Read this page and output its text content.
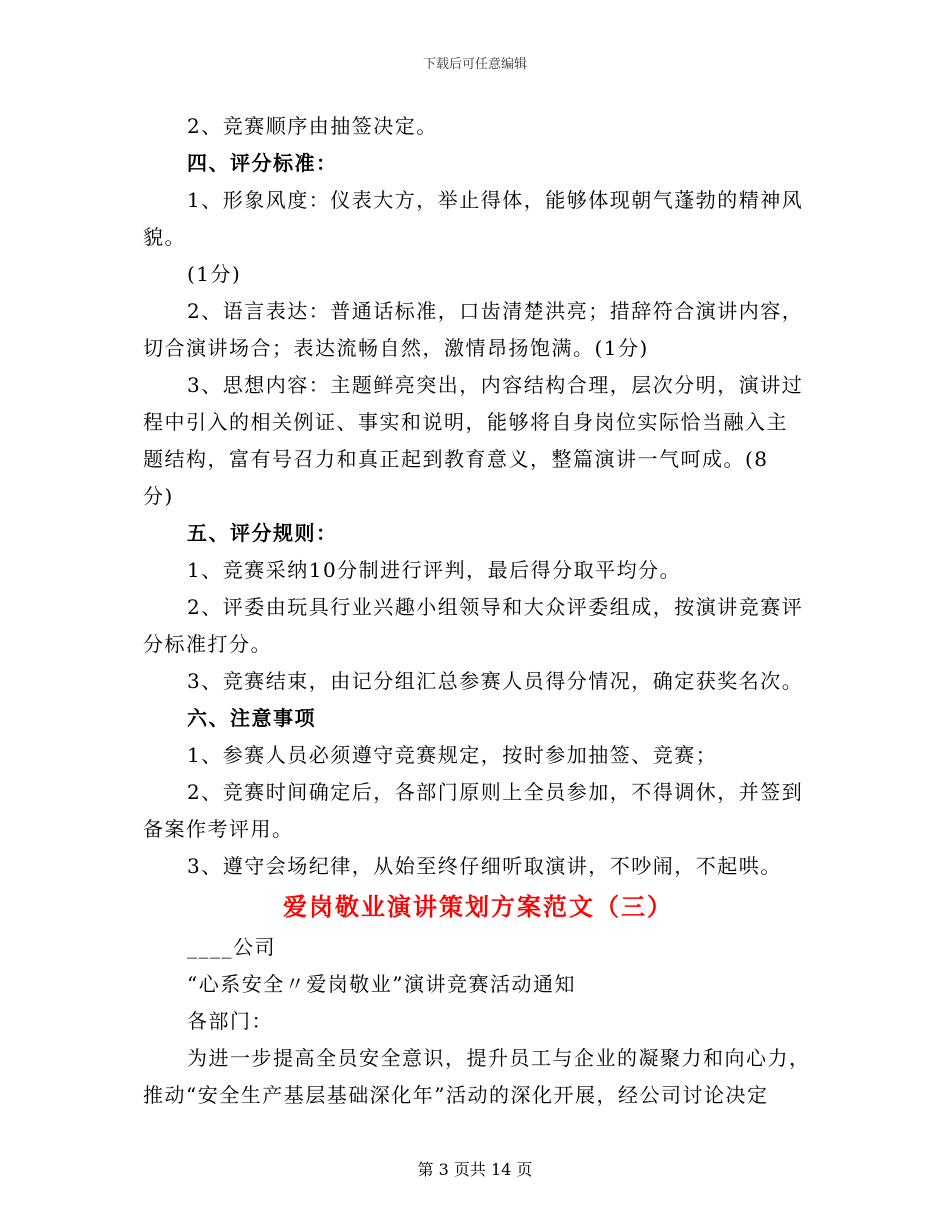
下载后可任意编辑

2、竞赛顺序由抽签决定。

四、评分标准：

1、形象风度：仪表大方，举止得体，能够体现朝气蓬勃的精神风

貌。

(1分)

2、语言表达：普通话标准，口齿清楚洪亮；措辞符合演讲内容，

切合演讲场合；表达流畅自然，激情昂扬饱满。(1分)

3、思想内容：主题鲜亮突出，内容结构合理，层次分明，演讲过

程中引入的相关例证、事实和说明，能够将自身岗位实际恰当融入主

题结构，富有号召力和真正起到教育意义，整篇演讲一气呵成。(8

分)

五、评分规则：

1、竞赛采纳10分制进行评判，最后得分取平均分。

2、评委由玩具行业兴趣小组领导和大众评委组成，按演讲竞赛评

分标准打分。

3、竞赛结束，由记分组汇总参赛人员得分情况，确定获奖名次。

六、注意事项

1、参赛人员必须遵守竞赛规定，按时参加抽签、竞赛；

2、竞赛时间确定后，各部门原则上全员参加，不得调休，并签到

备案作考评用。

3、遵守会场纪律，从始至终仔细听取演讲，不吵闹，不起哄。

爱岗敬业演讲策划方案范文（三）

____公司

“心系安全〃爱岗敬业”演讲竞赛活动通知

各部门：

为进一步提高全员安全意识，提升员工与企业的凝聚力和向心力，

推动“安全生产基层基础深化年”活动的深化开展，经公司讨论决定

第 3 页共 14 页
